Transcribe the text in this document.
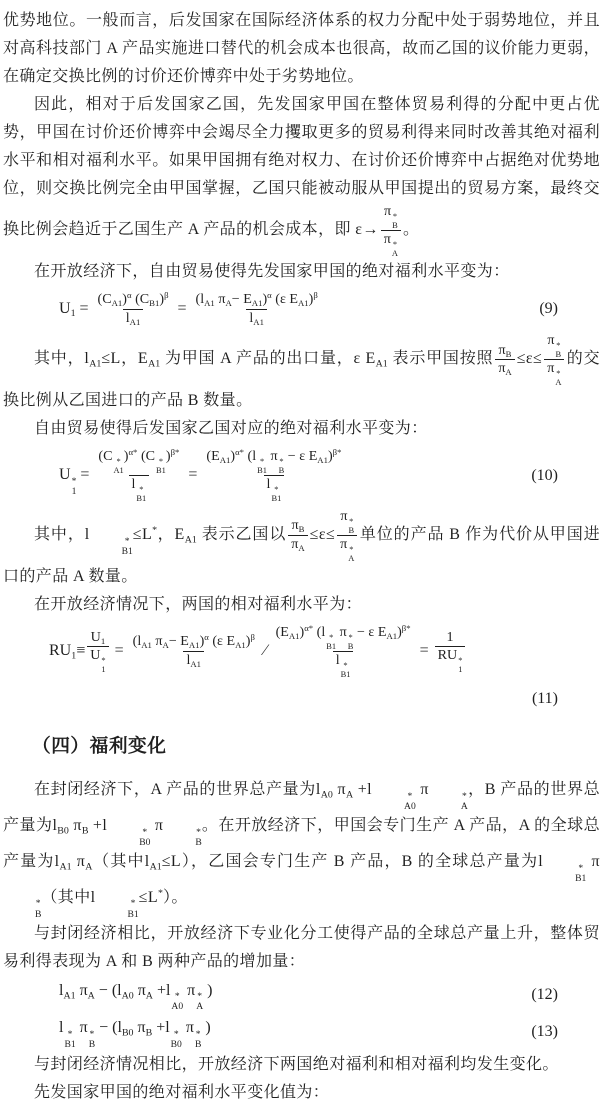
优势地位。一般而言，后发国家在国际经济体系的权力分配中处于弱势地位，并且对高科技部门 A 产品实施进口替代的机会成本也很高，故而乙国的议价能力更弱，在确定交换比例的讨价还价博弈中处于劣势地位。

因此，相对于后发国家乙国，先发国家甲国在整体贸易利得的分配中更占优势，甲国在讨价还价博弈中会竭尽全力攫取更多的贸易利得来同时改善其绝对福利水平和相对福利水平。如果甲国拥有绝对权力、在讨价还价博弈中占据绝对优势地位，则交换比例完全由甲国掌握，乙国只能被动服从甲国提出的贸易方案，最终交换比例会趋近于乙国生产 A 产品的机会成本，即 ε→ π *
B
π *
A 。

在开放经济下，自由贸易使得先发国家甲国的绝对福利水平变为：

$U_1 = \frac{(C_{A1})^\alpha (C_{B1})^\beta}{l_{A1}} = \frac{(l_{A1} \pi_A- E_{A1})^\alpha (\varepsilon E_{A1})^\beta}{l_{A1}}$	(9)

其中，$l_{A1}\le L$，$E_{A1}$ 为甲国 A 产品的出口量，ε $E_{A1}$ 表示甲国按照 $\frac{\pi_B}{\pi_A} \le\varepsilon\le \pi$ *
B
π *
A 的交换比例从乙国进口的产品 B 数量。

自由贸易使得后发国家乙国对应的绝对福利水平变为：

U *
1
= (C *
A1
)$^{\alpha*}$ (C *
B1
)$^{\beta*}$
l *
$B1 = (E_{A1})^{\alpha*}$ (l *
B1
π *
B
− ε $E_{A1})^{\beta*}$
l *
B1	(10)

其中，l	*
B1
≤L*，$E_{A1}$ 表示乙国以 $\frac{\pi_B}{\pi_A} \le\varepsilon\le \pi$ *
B
π *
A 单位的产品 B 作为代价从甲国进口的产品 A 数量。

在开放经济情况下，两国的相对福利水平为：

$RU_1\equiv U_1$
U *
$1 = \frac{(l_{A1} \pi_A- E_{A1})^\alpha (\varepsilon E_{A1})^\beta}{l_{A1}}$ ∕ $(E_{A1})^{\alpha*}$ (l *
B1
π *
B
− ε $E_{A1})^{\beta*}$
l *
B1 = 1
RU *
1
(11)
（四）福利变化

在封闭经济下，A 产品的世界总产量为$l_{A0}$ $\pi_A +l$	*
A0
π	*
A
，B 产品的世界总产量为$l_{B0}$ $\pi_B +l$	*
B0
π	*
B
。在开放经济下，甲国会专门生产 A 产品，A 的全球总产量为$l_{A1}$ $\pi_A$（其中$l_{A1}\le L$），乙国会专门生产 B 产品，B 的全球总产量为l	*
B1
π
*
B
（其中l	*
B1
≤L*）。

与封闭经济相比，开放经济下专业化分工使得产品的全球总产量上升，整体贸易利得表现为 A 和 B 两种产品的增加量：

$l_{A1}$ $\pi_A - (l_{A0}$ $\pi_A +l$ *
A0
π *
A
)	(12)
l *
B1
π *
B
− ($l_{B0}$ $\pi_B +l$ *
B0
π *
B
)	(13)

与封闭经济情况相比，开放经济下两国绝对福利和相对福利均发生变化。

先发国家甲国的绝对福利水平变化值为：
